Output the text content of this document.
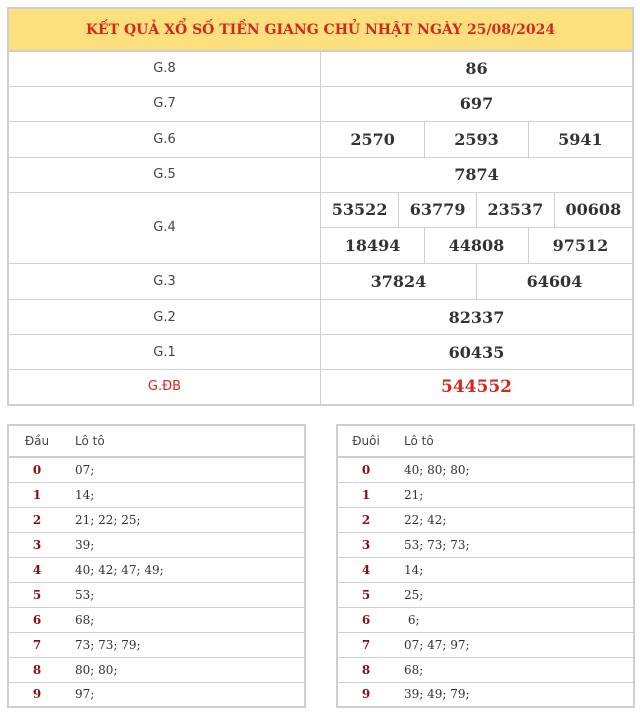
KẾT QUẢ XỔ SỐ TIỀN GIANG CHỦ NHẬT NGÀY 25/08/2024
G.8	86
G.7	697
G.6		2570	2593	5941

G.5	7874
G.4	
53522	63779	23537	00608
18494	44808	97512

G.3		37824	64604

G.2	82337
G.1	60435
G.ĐB	544552
Đầu	Lô tô
0	07;
1	14;
2	21; 22; 25;
3	39;
4	40; 42; 47; 49;
5	53;
6	68;
7	73; 73; 79;
8	80; 80;
9	97;
Đuôi	Lô tô
0	40; 80; 80;
1	21;
2	22; 42;
3	53; 73; 73;
4	14;
5	25;
6	6;
7	07; 47; 97;
8	68;
9	39; 49; 79;
